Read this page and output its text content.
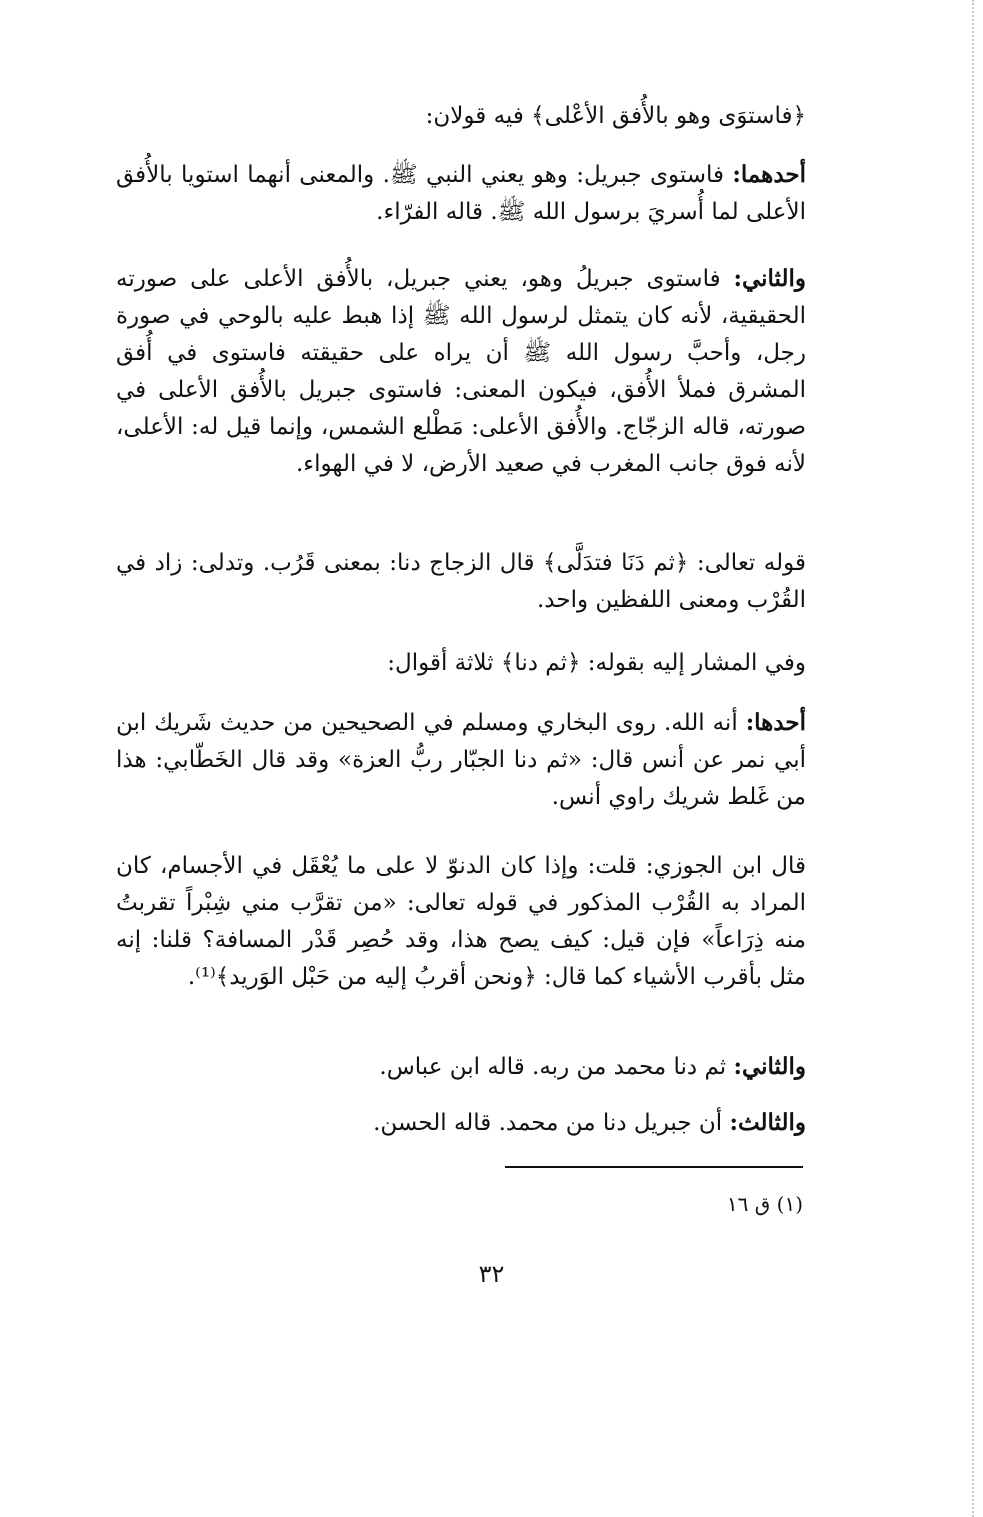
﴿فاستوَى وهو بالأُفق الأعْلى﴾ فيه قولان:
أحدهما: فاستوى جبريل: وهو يعني النبي ﷺ. والمعنى أنهما استويا بالأُفق الأعلى لما أُسريَ برسول الله ﷺ. قاله الفرّاء.
والثاني: فاستوى جبريلُ وهو، يعني جبريل، بالأُفق الأعلى على صورته الحقيقية، لأنه كان يتمثل لرسول الله ﷺ إذا هبط عليه بالوحي في صورة رجل، وأحبَّ رسول الله ﷺ أن يراه على حقيقته فاستوى في أُفق المشرق فملأ الأُفق، فيكون المعنى: فاستوى جبريل بالأُفق الأعلى في صورته، قاله الزجّاج. والأُفق الأعلى: مَطْلع الشمس، وإنما قيل له: الأعلى، لأنه فوق جانب المغرب في صعيد الأرض، لا في الهواء.
قوله تعالى: ﴿ثم دَنَا فتدَلَّى﴾ قال الزجاج دنا: بمعنى قَرُب. وتدلى: زاد في القُرْب ومعنى اللفظين واحد.
وفي المشار إليه بقوله: ﴿ثم دنا﴾ ثلاثة أقوال:
أحدها: أنه الله. روى البخاري ومسلم في الصحيحين من حديث شَريك ابن أبي نمر عن أنس قال: «ثم دنا الجبّار ربُّ العزة» وقد قال الخَطّابي: هذا من غَلط شريك راوي أنس.
قال ابن الجوزي: قلت: وإذا كان الدنوّ لا على ما يُعْقَل في الأجسام، كان المراد به القُرْب المذكور في قوله تعالى: «من تقرَّب مني شِبْراً تقربتُ منه ذِرَاعاً» فإن قيل: كيف يصح هذا، وقد حُصِر قَدْر المسافة؟ قلنا: إنه مثل بأقرب الأشياء كما قال: ﴿ونحن أقربُ إليه من حَبْل الوَريد﴾⁽¹⁾.
والثاني: ثم دنا محمد من ربه. قاله ابن عباس.
والثالث: أن جبريل دنا من محمد. قاله الحسن.
(١) ق ١٦
٣٢
